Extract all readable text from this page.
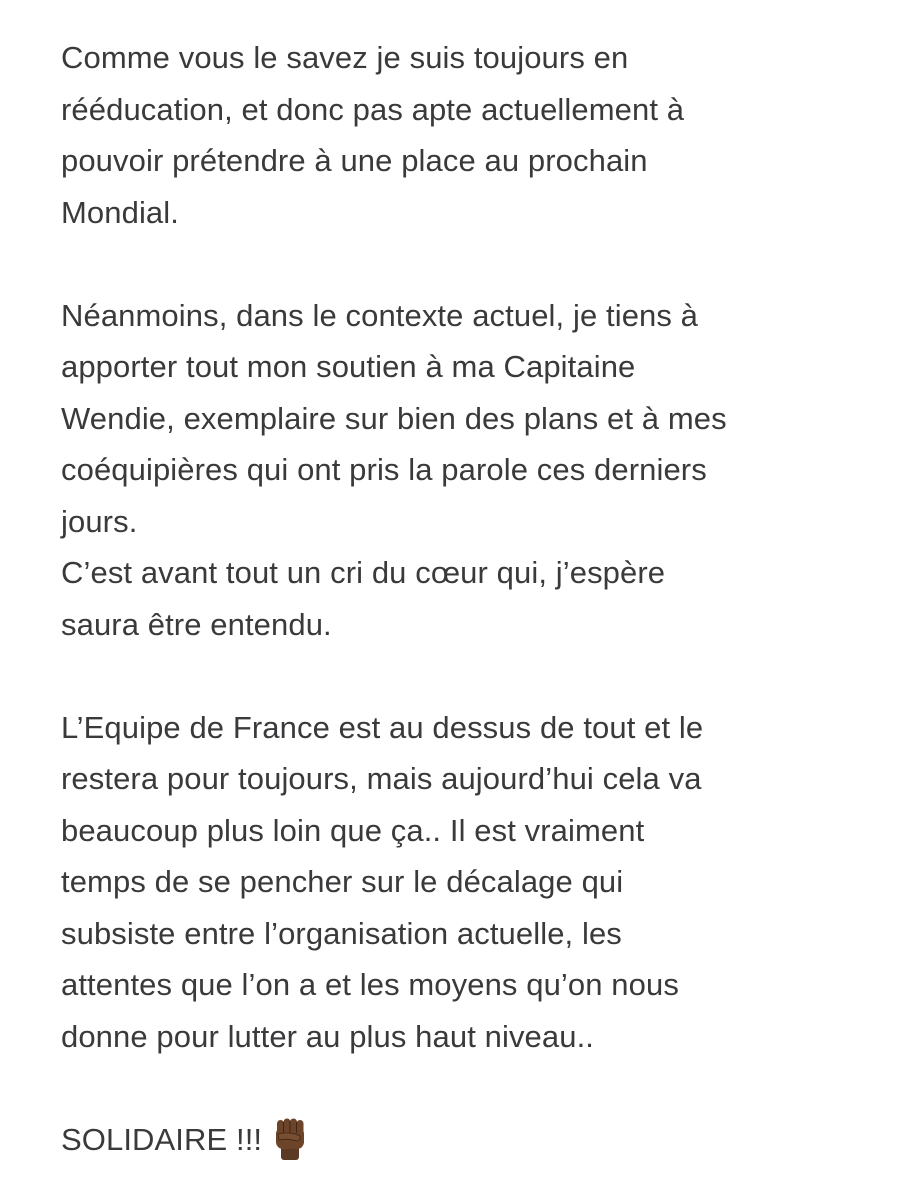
Comme vous le savez je suis toujours en
rééducation, et donc pas apte actuellement à
pouvoir prétendre à une place au prochain
Mondial.
Néanmoins, dans le contexte actuel, je tiens à
apporter tout mon soutien à ma Capitaine
Wendie, exemplaire sur bien des plans et à mes
coéquipières qui ont pris la parole ces derniers
jours.
C’est avant tout un cri du cœur qui, j’espère
saura être entendu.
L’Equipe de France est au dessus de tout et le
restera pour toujours, mais aujourd’hui cela va
beaucoup plus loin que ça.. Il est vraiment
temps de se pencher sur le décalage qui
subsiste entre l’organisation actuelle, les
attentes que l’on a et les moyens qu’on nous
donne pour lutter au plus haut niveau..
SOLIDAIRE !!!
